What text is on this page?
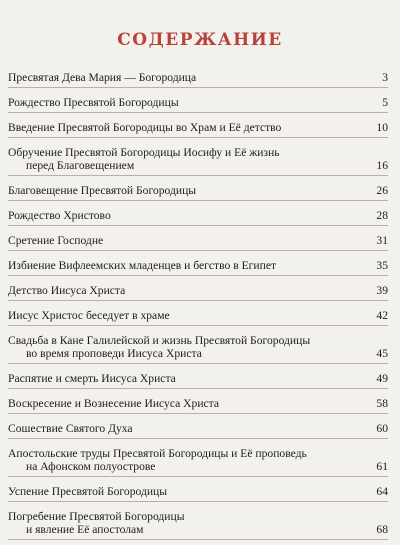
СОДЕРЖАНИЕ
Пресвятая Дева Мария — Богородица	3
Рождество Пресвятой Богородицы	5
Введение Пресвятой Богородицы во Храм и Её детство	10
Обручение Пресвятой Богородицы Иосифу и Её жизнь
перед Благовещением	16
Благовещение Пресвятой Богородицы	26
Рождество Христово	28
Сретение Господне	31
Избиение Вифлеемских младенцев и бегство в Египет	35
Детство Иисуса Христа	39
Иисус Христос беседует в храме	42
Свадьба в Кане Галилейской и жизнь Пресвятой Богородицы
во время проповеди Иисуса Христа	45
Распятие и смерть Иисуса Христа	49
Воскресение и Вознесение Иисуса Христа	58
Сошествие Святого Духа	60
Апостольские труды Пресвятой Богородицы и Её проповедь
на Афонском полуострове	61
Успение Пресвятой Богородицы	64
Погребение Пресвятой Богородицы
и явление Её апостолам	68
